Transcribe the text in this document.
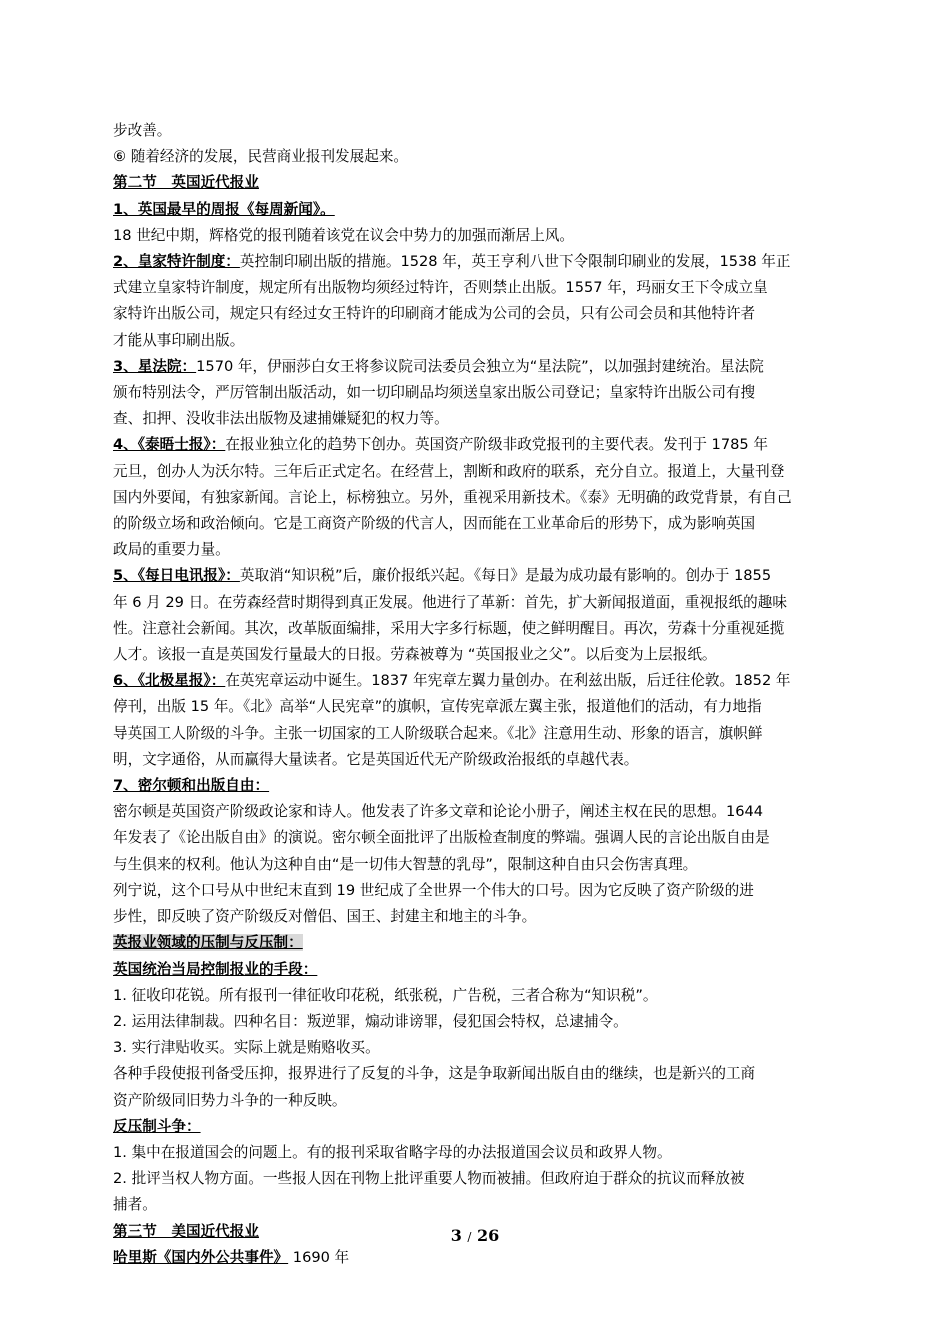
步改善。

⑥ 随着经济的发展，民营商业报刊发展起来。

第二节　英国近代报业

1、英国最早的周报《每周新闻》。

18 世纪中期，辉格党的报刊随着该党在议会中势力的加强而渐居上风。

2、皇家特许制度：英控制印刷出版的措施。1528 年，英王亨利八世下令限制印刷业的发展，1538 年正

式建立皇家特许制度，规定所有出版物均须经过特许，否则禁止出版。1557 年，玛丽女王下令成立皇

家特许出版公司，规定只有经过女王特许的印刷商才能成为公司的会员，只有公司会员和其他特许者

才能从事印刷出版。

3、星法院：1570 年，伊丽莎白女王将参议院司法委员会独立为“星法院”，以加强封建统治。星法院

颁布特别法令，严厉管制出版活动，如一切印刷品均须送皇家出版公司登记；皇家特许出版公司有搜

查、扣押、没收非法出版物及逮捕嫌疑犯的权力等。

4、《泰晤士报》：在报业独立化的趋势下创办。英国资产阶级非政党报刊的主要代表。发刊于 1785 年

元旦，创办人为沃尔特。三年后正式定名。在经营上，割断和政府的联系，充分自立。报道上，大量刊登

国内外要闻，有独家新闻。言论上，标榜独立。另外，重视采用新技术。《泰》无明确的政党背景，有自己

的阶级立场和政治倾向。它是工商资产阶级的代言人，因而能在工业革命后的形势下，成为影响英国

政局的重要力量。

5、《每日电讯报》：英取消“知识税”后，廉价报纸兴起。《每日》是最为成功最有影响的。创办于 1855

年 6 月 29 日。在劳森经营时期得到真正发展。他进行了革新：首先，扩大新闻报道面，重视报纸的趣味

性。注意社会新闻。其次，改革版面编排，采用大字多行标题，使之鲜明醒目。再次，劳森十分重视延揽

人才。该报一直是英国发行量最大的日报。劳森被尊为 “英国报业之父”。以后变为上层报纸。

6、《北极星报》：在英宪章运动中诞生。1837 年宪章左翼力量创办。在利兹出版，后迁往伦敦。1852 年

停刊，出版 15 年。《北》高举“人民宪章”的旗帜，宣传宪章派左翼主张，报道他们的活动，有力地指

导英国工人阶级的斗争。主张一切国家的工人阶级联合起来。《北》注意用生动、形象的语言，旗帜鲜

明，文字通俗，从而赢得大量读者。它是英国近代无产阶级政治报纸的卓越代表。

7、密尔顿和出版自由：

密尔顿是英国资产阶级政论家和诗人。他发表了许多文章和论论小册子，阐述主权在民的思想。1644

年发表了《论出版自由》的演说。密尔顿全面批评了出版检查制度的弊端。强调人民的言论出版自由是

与生俱来的权利。他认为这种自由“是一切伟大智慧的乳母”，限制这种自由只会伤害真理。

列宁说，这个口号从中世纪末直到 19 世纪成了全世界一个伟大的口号。因为它反映了资产阶级的进

步性，即反映了资产阶级反对僧侣、国王、封建主和地主的斗争。

英报业领域的压制与反压制：

英国统治当局控制报业的手段：

1. 征收印花锐。所有报刊一律征收印花税，纸张税，广告税，三者合称为“知识税”。

2. 运用法律制裁。四种名目：叛逆罪，煽动诽谤罪，侵犯国会特权，总逮捕令。

3. 实行津贴收买。实际上就是贿赂收买。

各种手段使报刊备受压抑，报界进行了反复的斗争，这是争取新闻出版自由的继续，也是新兴的工商

资产阶级同旧势力斗争的一种反映。

反压制斗争：

1. 集中在报道国会的问题上。有的报刊采取省略字母的办法报道国会议员和政界人物。

2. 批评当权人物方面。一些报人因在刊物上批评重要人物而被捕。但政府迫于群众的抗议而释放被

捕者。

第三节　美国近代报业

哈里斯《国内外公共事件》 1690 年

3 / 26
